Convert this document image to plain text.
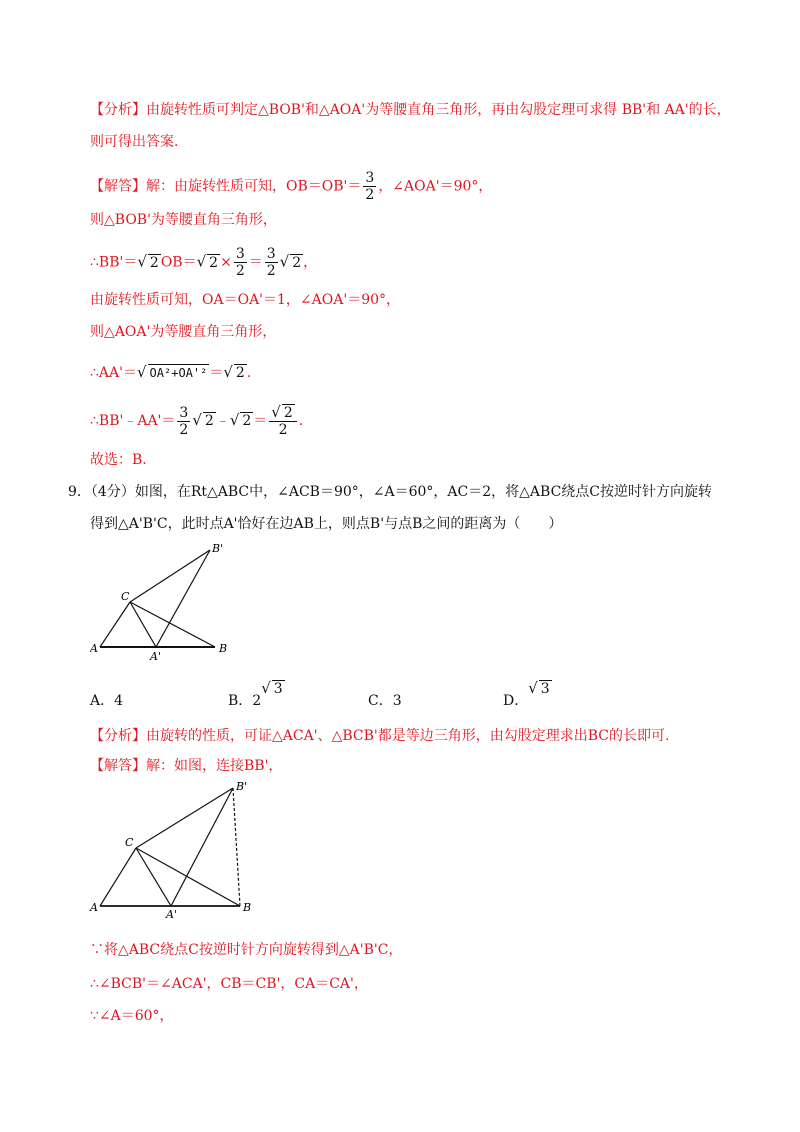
【分析】由旋转性质可判定△BOB'和△AOA'为等腰直角三角形，再由勾股定理可求得 BB'和 AA'的长，
则可得出答案.
【解答】解：由旋转性质可知，$OB=OB'= \frac{3}{2}$ ，∠AOA'＝90°，
则△BOB'为等腰直角三角形，
∴BB'＝√ 2 OB＝√ $2 \times \frac{3}{2} = \frac{3}{2}$ √ 2 ，
由旋转性质可知，OA＝OA'＝1，∠AOA'＝90°，
则△AOA'为等腰直角三角形，
∴AA'＝√ OA²+OA'² ＝√ 2 .
∴BB'﹣AA'＝ $\frac{3}{2}$ √ 2 ﹣√ $2 = \frac{√ 2}{2}$ .
故选：B.
9．（4分）如图，在Rt△ABC中，∠ACB＝90°，∠A＝60°，AC＝2，将△ABC绕点C按逆时针方向旋转
得到△A'B'C，此时点A'恰好在边AB上，则点B'与点B之间的距离为（　　）
A	B
C
A'
B'
A．4	B．2√ 3
C．3	D．√ 3
【分析】由旋转的性质，可证△ACA'、△BCB'都是等边三角形，由勾股定理求出BC的长即可.
【解答】解：如图，连接BB'，
A	B
C
A'
B'
∵将△ABC绕点C按逆时针方向旋转得到△A'B'C，
∴∠BCB'＝∠ACA'，CB＝CB'，CA＝CA'，
∵∠A＝60°，
